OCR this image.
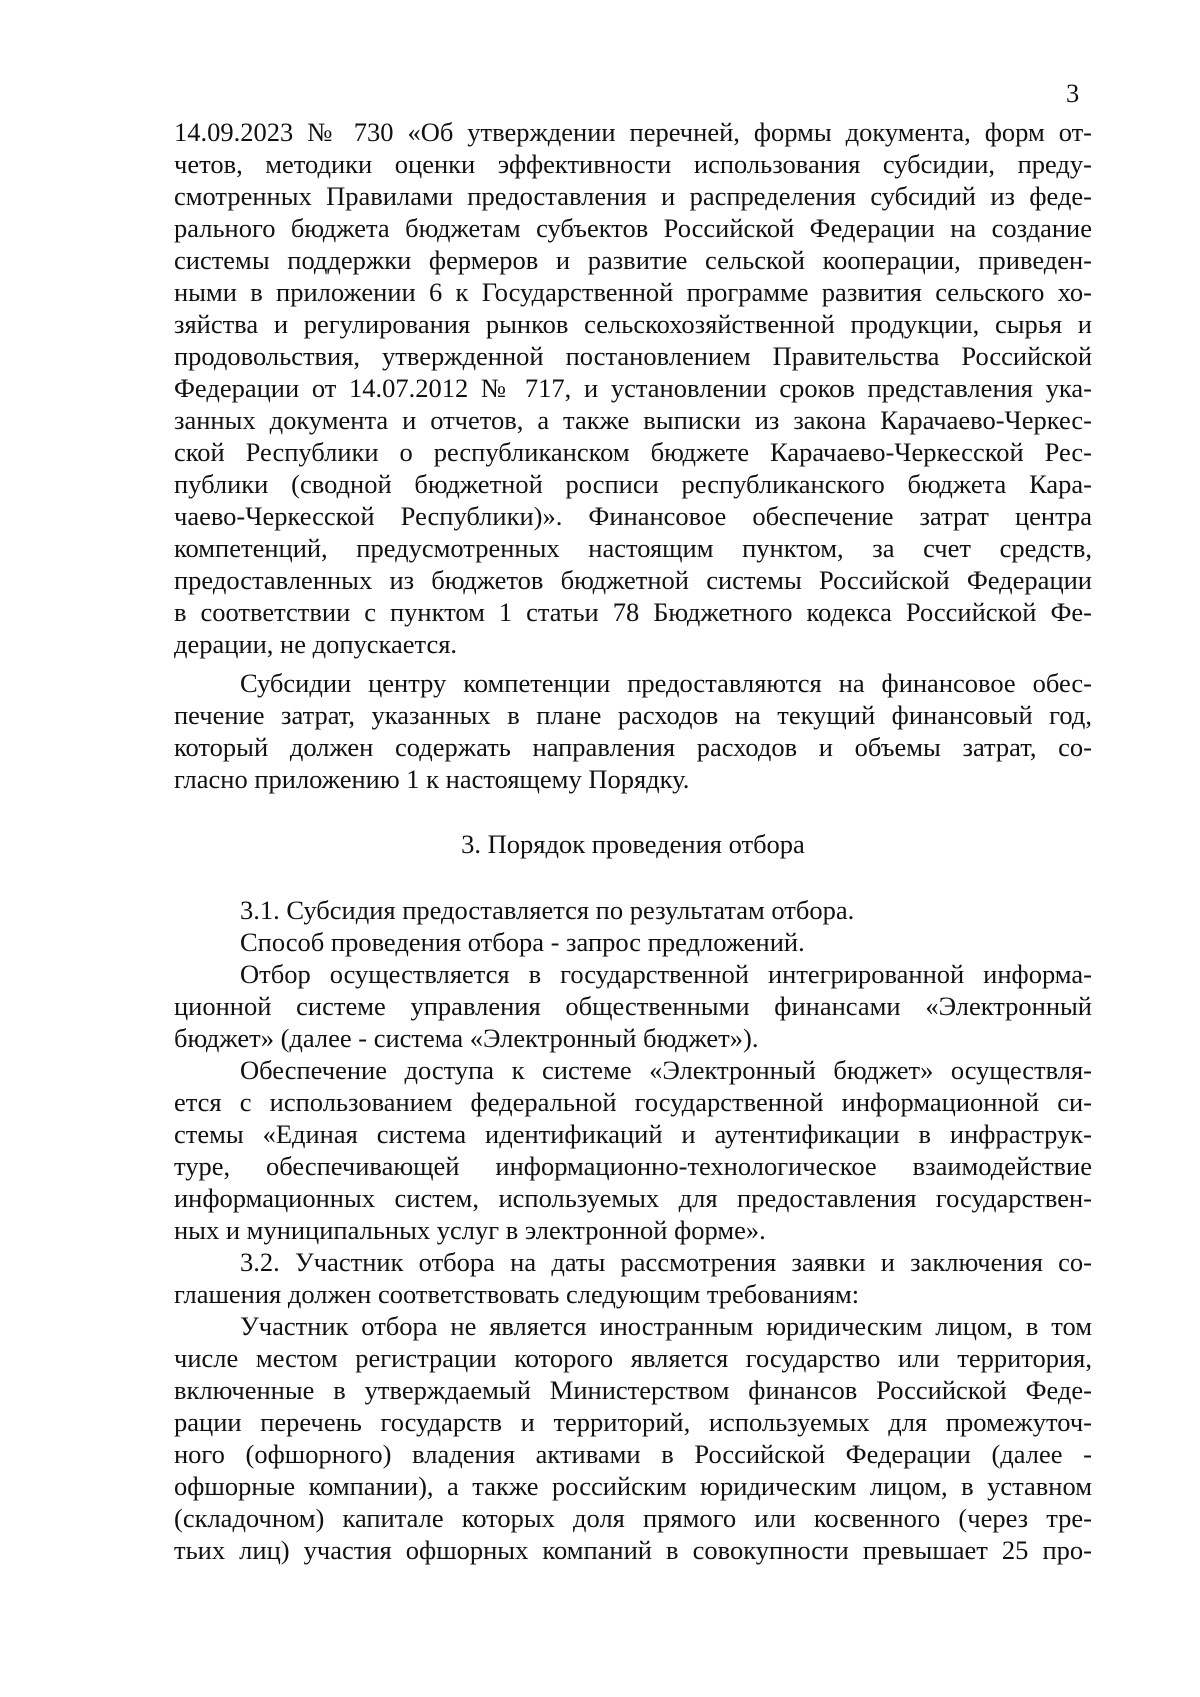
3
14.09.2023 № 730 «Об утверждении перечней, формы документа, форм от-
четов, методики оценки эффективности использования субсидии, преду-
смотренных Правилами предоставления и распределения субсидий из феде-
рального бюджета бюджетам субъектов Российской Федерации на создание
системы поддержки фермеров и развитие сельской кооперации, приведен-
ными в приложении 6 к Государственной программе развития сельского хо-
зяйства и регулирования рынков сельскохозяйственной продукции, сырья и
продовольствия, утвержденной постановлением Правительства Российской
Федерации от 14.07.2012 № 717, и установлении сроков представления ука-
занных документа и отчетов, а также выписки из закона Карачаево-Черкес-
ской Республики о республиканском бюджете Карачаево-Черкесской Рес-
публики (сводной бюджетной росписи республиканского бюджета Кара-
чаево-Черкесской Республики)». Финансовое обеспечение затрат центра
компетенций, предусмотренных настоящим пунктом, за счет средств,
предоставленных из бюджетов бюджетной системы Российской Федерации
в соответствии с пунктом 1 статьи 78 Бюджетного кодекса Российской Фе-
дерации, не допускается.
Субсидии центру компетенции предоставляются на финансовое обес-
печение затрат, указанных в плане расходов на текущий финансовый год,
который должен содержать направления расходов и объемы затрат, со-
гласно приложению 1 к настоящему Порядку.
3. Порядок проведения отбора
3.1. Субсидия предоставляется по результатам отбора.
Способ проведения отбора - запрос предложений.
Отбор осуществляется в государственной интегрированной информа-
ционной системе управления общественными финансами «Электронный
бюджет» (далее - система «Электронный бюджет»).
Обеспечение доступа к системе «Электронный бюджет» осуществля-
ется с использованием федеральной государственной информационной си-
стемы «Единая система идентификаций и аутентификации в инфраструк-
туре, обеспечивающей информационно-технологическое взаимодействие
информационных систем, используемых для предоставления государствен-
ных и муниципальных услуг в электронной форме».
3.2. Участник отбора на даты рассмотрения заявки и заключения со-
глашения должен соответствовать следующим требованиям:
Участник отбора не является иностранным юридическим лицом, в том
числе местом регистрации которого является государство или территория,
включенные в утверждаемый Министерством финансов Российской Феде-
рации перечень государств и территорий, используемых для промежуточ-
ного (офшорного) владения активами в Российской Федерации (далее -
офшорные компании), а также российским юридическим лицом, в уставном
(складочном) капитале которых доля прямого или косвенного (через тре-
тьих лиц) участия офшорных компаний в совокупности превышает 25 про-
